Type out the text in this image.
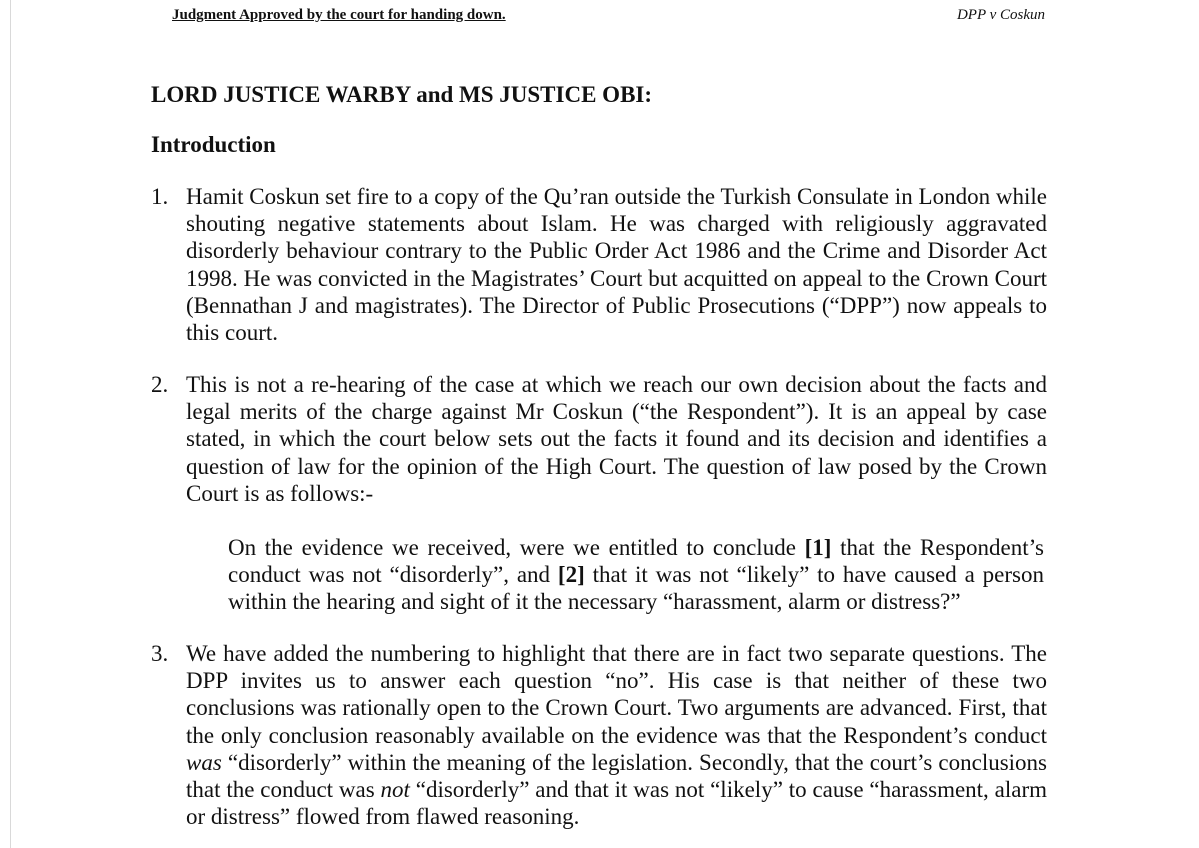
Judgment Approved by the court for handing down.	DPP v Coskun
LORD JUSTICE WARBY and MS JUSTICE OBI:
Introduction
1. Hamit Coskun set fire to a copy of the Qu’ran outside the Turkish Consulate in London while shouting negative statements about Islam. He was charged with religiously aggravated disorderly behaviour contrary to the Public Order Act 1986 and the Crime and Disorder Act 1998. He was convicted in the Magistrates’ Court but acquitted on appeal to the Crown Court (Bennathan J and magistrates). The Director of Public Prosecutions (“DPP”) now appeals to this court.
2. This is not a re-hearing of the case at which we reach our own decision about the facts and legal merits of the charge against Mr Coskun (“the Respondent”). It is an appeal by case stated, in which the court below sets out the facts it found and its decision and identifies a question of law for the opinion of the High Court. The question of law posed by the Crown Court is as follows:-
On the evidence we received, were we entitled to conclude [1] that the Respondent’s conduct was not “disorderly”, and [2] that it was not “likely” to have caused a person within the hearing and sight of it the necessary “harassment, alarm or distress?”
3. We have added the numbering to highlight that there are in fact two separate questions. The DPP invites us to answer each question “no”. His case is that neither of these two conclusions was rationally open to the Crown Court. Two arguments are advanced. First, that the only conclusion reasonably available on the evidence was that the Respondent’s conduct was “disorderly” within the meaning of the legislation. Secondly, that the court’s conclusions that the conduct was not “disorderly” and that it was not “likely” to cause “harassment, alarm or distress” flowed from flawed reasoning.
